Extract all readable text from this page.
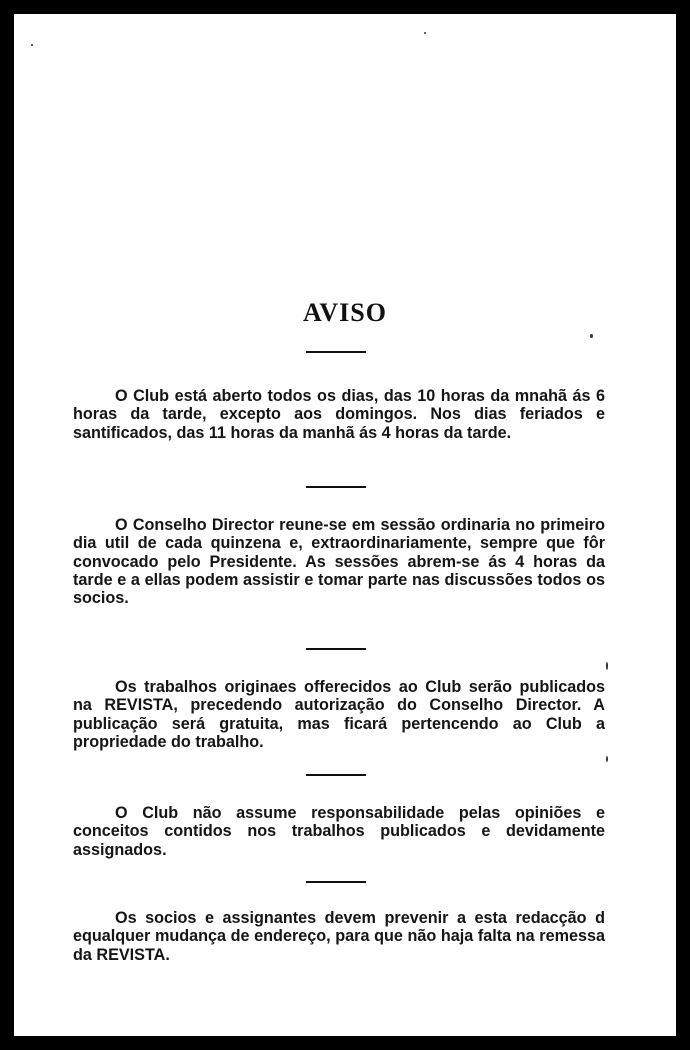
AVISO

O Club está aberto todos os dias, das 10 horas da mnahã ás 6 horas da tarde, excepto aos domingos. Nos dias feriados e santificados, das 11 horas da manhã ás 4 horas da tarde.

O Conselho Director reune-se em sessão ordinaria no primeiro dia util de cada quinzena e, extraordinariamente, sempre que fôr convocado pelo Presidente. As sessões abrem-se ás 4 horas da tarde e a ellas podem assistir e tomar parte nas discussões todos os socios.

Os trabalhos originaes offerecidos ao Club serão publicados na REVISTA, precedendo autorização do Conselho Director. A publicação será gratuita, mas ficará pertencendo ao Club a propriedade do trabalho.

O Club não assume responsabilidade pelas opiniões e conceitos contidos nos trabalhos publicados e devidamente assignados.

Os socios e assignantes devem prevenir a esta redacção d equalquer mudança de endereço, para que não haja falta na remessa da REVISTA.
